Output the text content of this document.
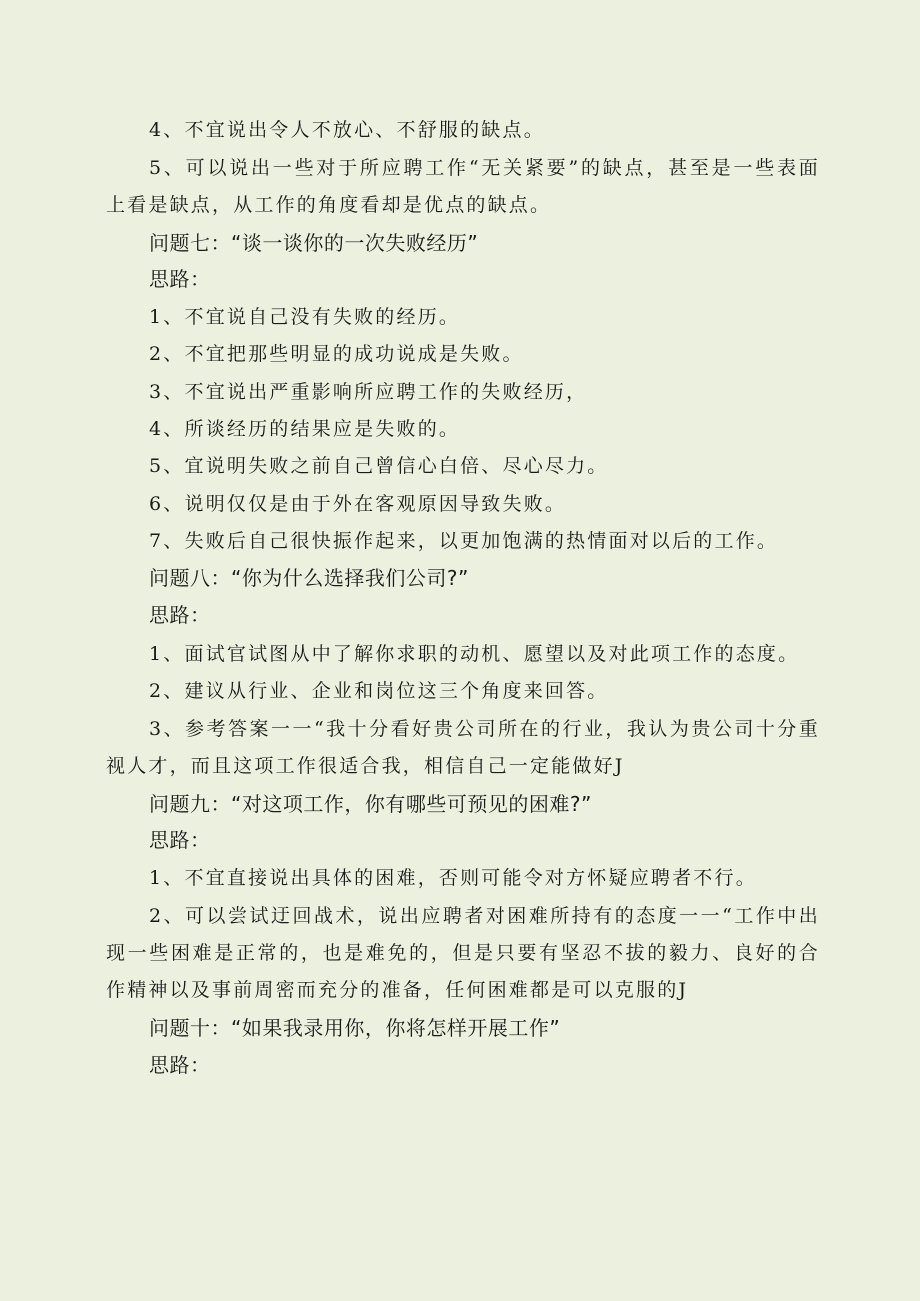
4、不宜说出令人不放心、不舒服的缺点。
5、可以说出一些对于所应聘工作“无关紧要”的缺点，甚至是一些表面上看是缺点，从工作的角度看却是优点的缺点。
问题七：“谈一谈你的一次失败经历”
思路：
1、不宜说自己没有失败的经历。
2、不宜把那些明显的成功说成是失败。
3、不宜说出严重影响所应聘工作的失败经历，
4、所谈经历的结果应是失败的。
5、宜说明失败之前自己曾信心白倍、尽心尽力。
6、说明仅仅是由于外在客观原因导致失败。
7、失败后自己很快振作起来，以更加饱满的热情面对以后的工作。
问题八：“你为什么选择我们公司?”
思路：
1、面试官试图从中了解你求职的动机、愿望以及对此项工作的态度。
2、建议从行业、企业和岗位这三个角度来回答。
3、参考答案一一“我十分看好贵公司所在的行业，我认为贵公司十分重视人才，而且这项工作很适合我，相信自己一定能做好J
问题九：“对这项工作，你有哪些可预见的困难?”
思路：
1、不宜直接说出具体的困难，否则可能令对方怀疑应聘者不行。
2、可以尝试迂回战术，说出应聘者对困难所持有的态度一一“工作中出现一些困难是正常的，也是难免的，但是只要有坚忍不拔的毅力、良好的合作精神以及事前周密而充分的准备，任何困难都是可以克服的J
问题十：“如果我录用你，你将怎样开展工作”
思路：
